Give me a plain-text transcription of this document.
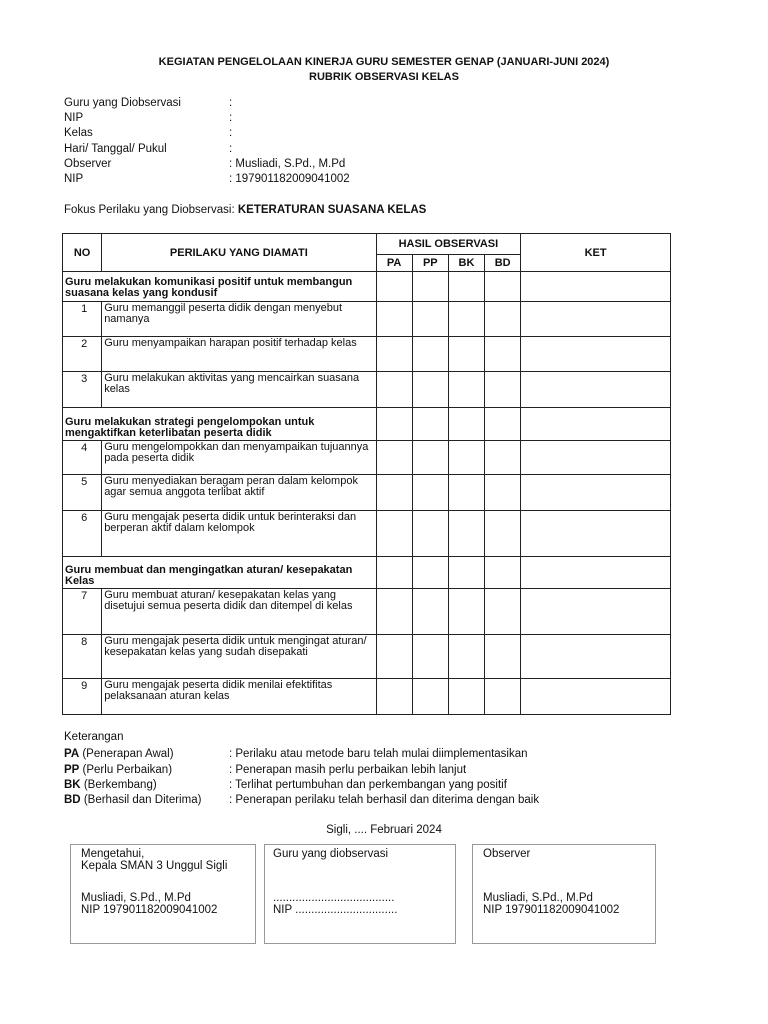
KEGIATAN PENGELOLAAN KINERJA GURU SEMESTER GENAP (JANUARI-JUNI 2024)
RUBRIK OBSERVASI KELAS
Guru yang Diobservasi	:
NIP	:
Kelas	:
Hari/ Tanggal/ Pukul	:
Observer	: Musliadi, S.Pd., M.Pd
NIP	: 197901182009041002
Fokus Perilaku yang Diobservasi: KETERATURAN SUASANA KELAS
NO	PERILAKU YANG DIAMATI	HASIL OBSERVASI				KET
		PA	PP	BK	BD	
Guru melakukan komunikasi positif untuk membangun suasana kelas yang kondusif						
1	Guru memanggil peserta didik dengan menyebut namanya					
2	Guru menyampaikan harapan positif terhadap kelas					
3	Guru melakukan aktivitas yang mencairkan suasana kelas					
Guru melakukan strategi pengelompokan untuk mengaktifkan keterlibatan peserta didik						
4	Guru mengelompokkan dan menyampaikan tujuannya pada peserta didik					
5	Guru menyediakan beragam peran dalam kelompok agar semua anggota terlibat aktif					
6	Guru mengajak peserta didik untuk berinteraksi dan berperan aktif dalam kelompok					
Guru membuat dan mengingatkan aturan/ kesepakatan Kelas						
7	Guru membuat aturan/ kesepakatan kelas yang disetujui semua peserta didik dan ditempel di kelas					
8	Guru mengajak peserta didik untuk mengingat aturan/ kesepakatan kelas yang sudah disepakati					
9	Guru mengajak peserta didik menilai efektifitas pelaksanaan aturan kelas					
Keterangan
PA (Penerapan Awal)	: Perilaku atau metode baru telah mulai diimplementasikan
PP (Perlu Perbaikan)	: Penerapan masih perlu perbaikan lebih lanjut
BK (Berkembang)	: Terlihat pertumbuhan dan perkembangan yang positif
BD (Berhasil dan Diterima) : Penerapan perilaku telah berhasil dan diterima dengan baik
Sigli, .... Februari 2024
Mengetahui,
Kepala SMAN 3 Unggul Sigli
Musliadi, S.Pd., M.Pd
NIP 197901182009041002
Guru yang diobservasi
......................................
NIP ................................
Observer
Musliadi, S.Pd., M.Pd
NIP 197901182009041002
